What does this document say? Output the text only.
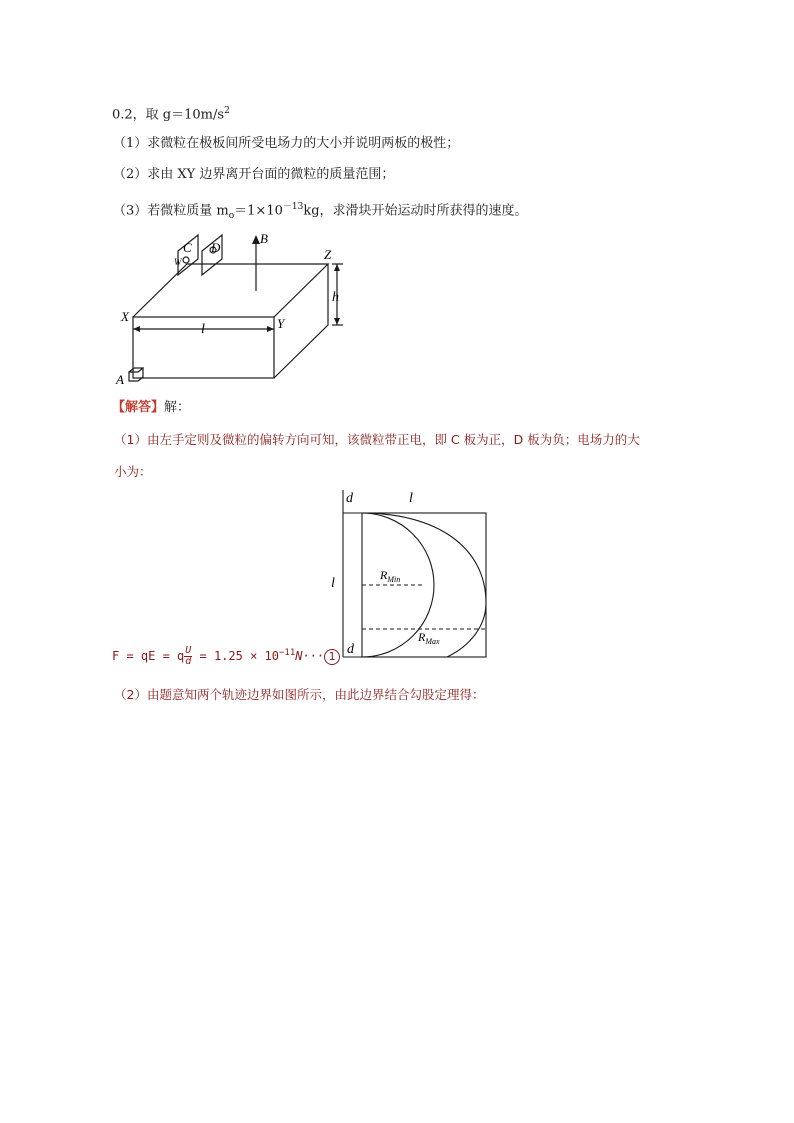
0.2，取 $g=10m/s^2$
（1）求微粒在极板间所受电场力的大小并说明两板的极性；
（2）求由 XY 边界离开台面的微粒的质量范围；
（3）若微粒质量 $m_o=1\times 10^{-13}kg$，求滑块开始运动时所获得的速度。
C D
W
B
Z
h
X
l	Y
A
【解答】解：
（1）由左手定则及微粒的偏转方向可知，该微粒带正电，即 C 板为正，D 板为负；电场力的大
小为：
d	l
l
d
$R_{Min}$
$R_{Max}$
F = qE = q $\frac{U}{d} = 1.25 \times 10^{-11}N\cdot\cdot\cdot 1$
（2）由题意知两个轨迹边界如图所示，由此边界结合勾股定理得：
